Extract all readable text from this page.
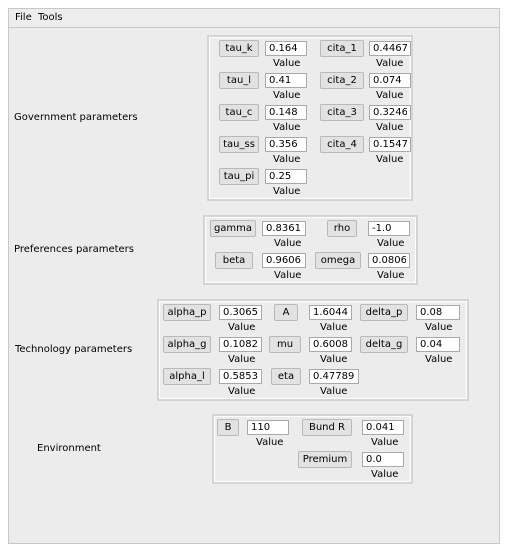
File Tools
Government parameters
tau_k
0.164
Value
cita_1
0.4467
Value
tau_l
0.41
Value
cita_2
0.074
Value
tau_c
0.148
Value
cita_3
0.3246
Value
tau_ss
0.356
Value
cita_4
0.1547
Value
tau_pi
0.25
Value
Preferences parameters
gamma
0.8361
Value
rho
-1.0
Value
beta
0.9606
Value
omega
0.0806
Value
Technology parameters
alpha_p
0.3065
Value
A
1.6044
Value
delta_p
0.08
Value
alpha_g
0.1082
Value
mu
0.6008
Value
delta_g
0.04
Value
alpha_l
0.5853
Value
eta
0.47789
Value
Environment
B
110
Value
Bund R
0.041
Value
Premium
0.0
Value
